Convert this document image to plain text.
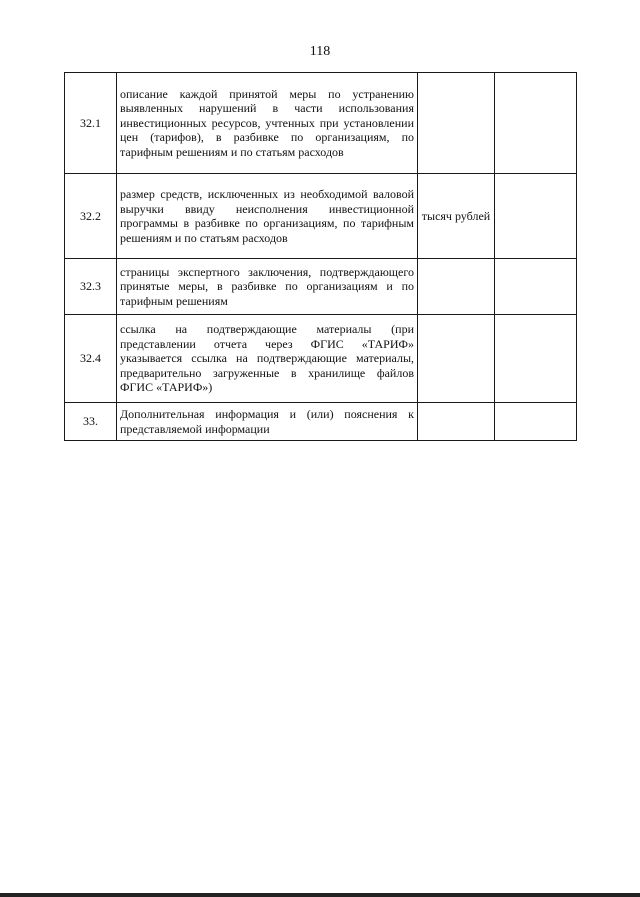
118
32.1	описание каждой принятой меры по устранению выявленных нарушений в части использования инвестиционных ресурсов, учтенных при установлении цен (тарифов), в разбивке по организациям, по тарифным решениям и по статьям расходов		
32.2	размер средств, исключенных из необходимой валовой выручки ввиду неисполнения инвестиционной программы в разбивке по организациям, по тарифным решениям и по статьям расходов	тысяч рублей	
32.3	страницы экспертного заключения, подтверждающего принятые меры, в разбивке по организациям и по тарифным решениям		
32.4	ссылка на подтверждающие материалы (при представлении отчета через ФГИС «ТАРИФ» указывается ссылка на подтверждающие материалы, предварительно загруженные в хранилище файлов ФГИС «ТАРИФ»)		
33.	Дополнительная информация и (или) пояснения к представляемой информации		
